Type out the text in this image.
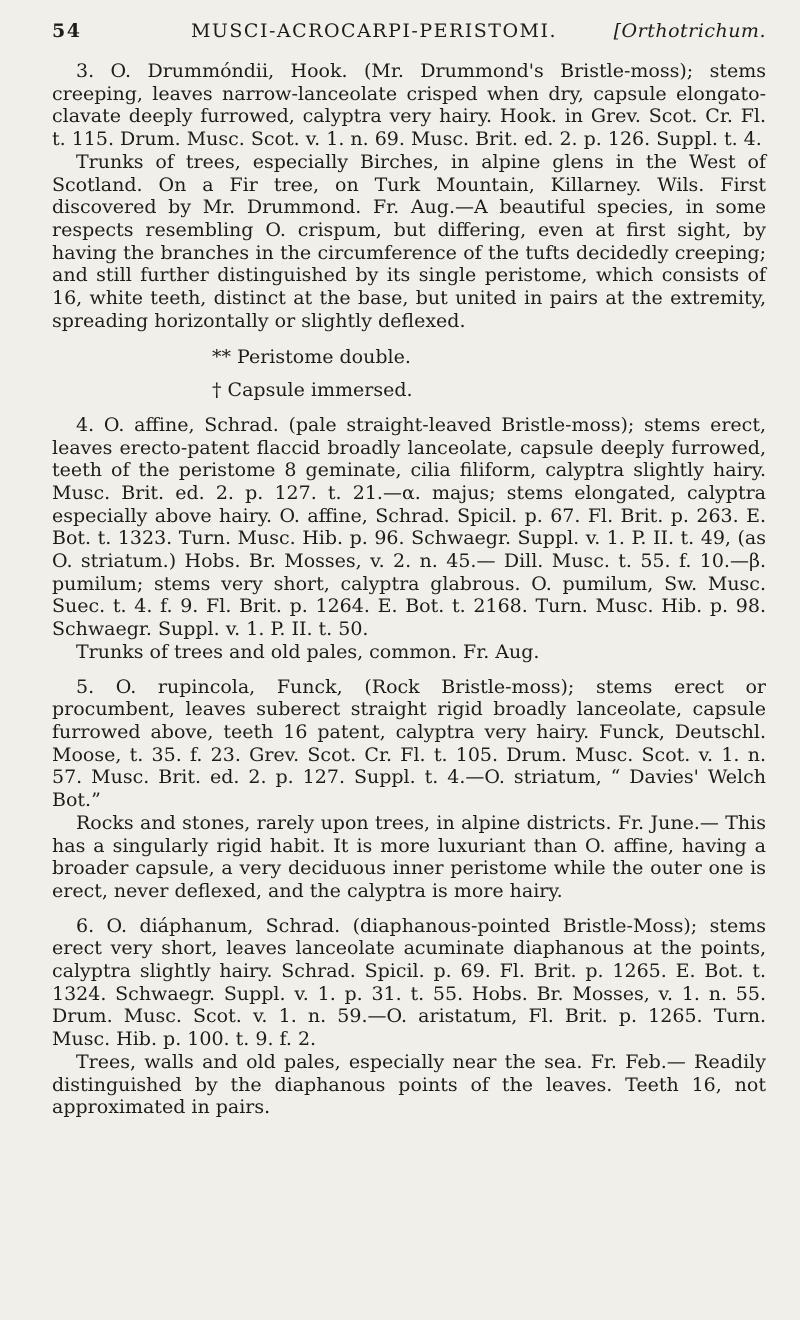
54	MUSCI-ACROCARPI-PERISTOMI.	[Orthotrichum.

3. O. Drummóndii, Hook. (Mr. Drummond's Bristle-moss); stems creeping, leaves narrow-lanceolate crisped when dry, capsule elongato-clavate deeply furrowed, calyptra very hairy. Hook. in Grev. Scot. Cr. Fl. t. 115. Drum. Musc. Scot. v. 1. n. 69. Musc. Brit. ed. 2. p. 126. Suppl. t. 4.

Trunks of trees, especially Birches, in alpine glens in the West of Scotland. On a Fir tree, on Turk Mountain, Killarney. Wils. First discovered by Mr. Drummond. Fr. Aug.—A beautiful species, in some respects resembling O. crispum, but differing, even at first sight, by having the branches in the circumference of the tufts decidedly creeping; and still further distinguished by its single peristome, which consists of 16, white teeth, distinct at the base, but united in pairs at the extremity, spreading horizontally or slightly deflexed.

** Peristome double.

† Capsule immersed.

4. O. affine, Schrad. (pale straight-leaved Bristle-moss); stems erect, leaves erecto-patent flaccid broadly lanceolate, capsule deeply furrowed, teeth of the peristome 8 geminate, cilia filiform, calyptra slightly hairy. Musc. Brit. ed. 2. p. 127. t. 21.—α. majus; stems elongated, calyptra especially above hairy. O. affine, Schrad. Spicil. p. 67. Fl. Brit. p. 263. E. Bot. t. 1323. Turn. Musc. Hib. p. 96. Schwaegr. Suppl. v. 1. P. II. t. 49, (as O. striatum.) Hobs. Br. Mosses, v. 2. n. 45.— Dill. Musc. t. 55. f. 10.—β. pumilum; stems very short, calyptra glabrous. O. pumilum, Sw. Musc. Suec. t. 4. f. 9. Fl. Brit. p. 1264. E. Bot. t. 2168. Turn. Musc. Hib. p. 98. Schwaegr. Suppl. v. 1. P. II. t. 50.

Trunks of trees and old pales, common. Fr. Aug.

5. O. rupincola, Funck, (Rock Bristle-moss); stems erect or procumbent, leaves suberect straight rigid broadly lanceolate, capsule furrowed above, teeth 16 patent, calyptra very hairy. Funck, Deutschl. Moose, t. 35. f. 23. Grev. Scot. Cr. Fl. t. 105. Drum. Musc. Scot. v. 1. n. 57. Musc. Brit. ed. 2. p. 127. Suppl. t. 4.—O. striatum, “ Davies' Welch Bot.”

Rocks and stones, rarely upon trees, in alpine districts. Fr. June.— This has a singularly rigid habit. It is more luxuriant than O. affine, having a broader capsule, a very deciduous inner peristome while the outer one is erect, never deflexed, and the calyptra is more hairy.

6. O. diáphanum, Schrad. (diaphanous-pointed Bristle-Moss); stems erect very short, leaves lanceolate acuminate diaphanous at the points, calyptra slightly hairy. Schrad. Spicil. p. 69. Fl. Brit. p. 1265. E. Bot. t. 1324. Schwaegr. Suppl. v. 1. p. 31. t. 55. Hobs. Br. Mosses, v. 1. n. 55. Drum. Musc. Scot. v. 1. n. 59.—O. aristatum, Fl. Brit. p. 1265. Turn. Musc. Hib. p. 100. t. 9. f. 2.

Trees, walls and old pales, especially near the sea. Fr. Feb.— Readily distinguished by the diaphanous points of the leaves. Teeth 16, not approximated in pairs.
